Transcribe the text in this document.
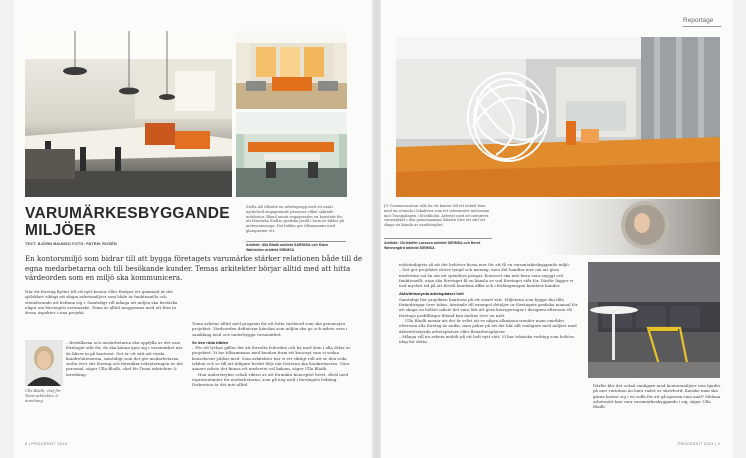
Stella AB tillsatte en arbetsgrupp med ett antal nyckelord engagerande personer vilket säkrade indelsetor. Bland annat engagerades en konstnär för att förstärka Stellas grafiska profil i form av bilder på mötesrummega. Det bilden ger tillsammans med glasspartier ett.
Arkitekt: Ulla Bladh arkitekt SAR/MSA och Klara Wahlström arkitekt SIR/MSA
VARUMÄRKESBYGGANDE
MILJÖER
TEXT: BJÖRN BAUNSO FOTO: PATRIK ROSÉN
En kontorsmiljö som bidrar till att bygga företagets varumärke stärker relationen både till de egna medarbetarna och till besökande kunder. Temas arkitekter börjar alltid med att hitta värdeorden som en miljö ska kommunicera.
När ett företag flyttar till ett nytt kontor eller förnyar ett gammalt är det självklart viktigt att skapa arbetsmiljöer som både är funktionella och stimulerande att befinna sig i. Samtidigt vill många att miljön ska bestärka något om företagets varumärke. Tema är alltid inoggranna med att föra in dessa aspekter i sina projekt.
– Beställarna och medarbetarna ska uppfylla av det som företaget står för, de ska känna igen sig i varumärket när de kliver in på kontoret. Det är ett sätt att värda kundrelationerna, samtidigt som det gör medarbetarna stolta över sitt företag och förenklar rekryteringen av det personal, säger Ulla Bladh, chef för Tema arkitekter & inredning.
Ulla Bladh, chef för Tema arkitekter & inredning.
Tema arbetar alltid med program för att hitta värdeord som ska genomsyra projektet. Värdeorden definierar känslan som miljön ska ge och måste vara i samklang med och underbygga varumärket.
Se den röda tråden
– För att lyckas gäller det att förvalta ledorden och ha med dem i alla delar av projektet. Vi tar tillsammans med kunden fram ett koncept som vi sedan konsekvent jobbar med. Som arkitekter har vi ett viktigt roll att se den röda tråden och se till att tidigare beslut följs när lösterna ska konkretiseras. Göra annars måste det finnas ett medvetet val bakom, säger Ulla Bladh.
Hon understryker också vikten av att förankra konceptet brett, såväl med representanter för medarbetarna, som på hög nivå i företagets ledning. Diskretion är det inte alltid
8 | PROCESSIT 2013
Reportage
JG Communication ville ha ett kontor till ett enkelt hem med en rotunda i lokalerna som ett informativt mötesrum mot Trangadagen i Stockholm. Arbetet med att integrera varumärket i den gemensamma lokalen blev ett sätt att skapa en känsla av samhörighet.
Arkitekt: Christoffer Larsson arkitekt SIR/MSA och Bernt Wennergård arkitekt SIR/MSA
nödvändigtvis så att det behöver kosta mer för att få en varumärkesbyggande miljö.
– Det ger projektet större tyngd och mening, men det handlar mer om att göra medvetna val än om att spendera pengar. Kontoret ska inte bara vara snyggt och funktionellt, utan ska företaget få en känsla av vad företaget står för. Därför lägger vi ned mycket tid på att förstå kundens affär och i förlängningen kundens kunder.
Aktivitetsstyrda arbetsplatser hett
Samtidigt bör projekten hanteras på ett smart sätt. Miljöerna som byggs ska tåla förändringar över tiden. Använde till exempel detaljer ur företagets grafiska manual för att skapa en helhet måste det vara lätt att göra korrigeringar i designen eftersom ett företags profilfärger ibland kan ändras över en natt.
Ulla Bladh menar att det är svårt att se några allmänna trender inom området eftersom alla företag är unika, men pekar på att det blir allt vanligare med miljöer med aktivitetsstyrda arbetsplatser eller flexarbetsplatser.
– Många vill nu arbeta mobilt på ett helt nytt sätt. Vi har tekniska verktyg som behövs idag för detta.
Därför blir det också vanligare med kontorsmiljöer som bjuder på mer variation än bara rader av skrivbord. Kanske man ska gärna kastar sig i en soffa för att gå igenom sina mail? Sådana arbetssätt kan vara varumärkesbyggande i sig, säger Ulla Bladh.
PROCESSIT 2013 | 9
